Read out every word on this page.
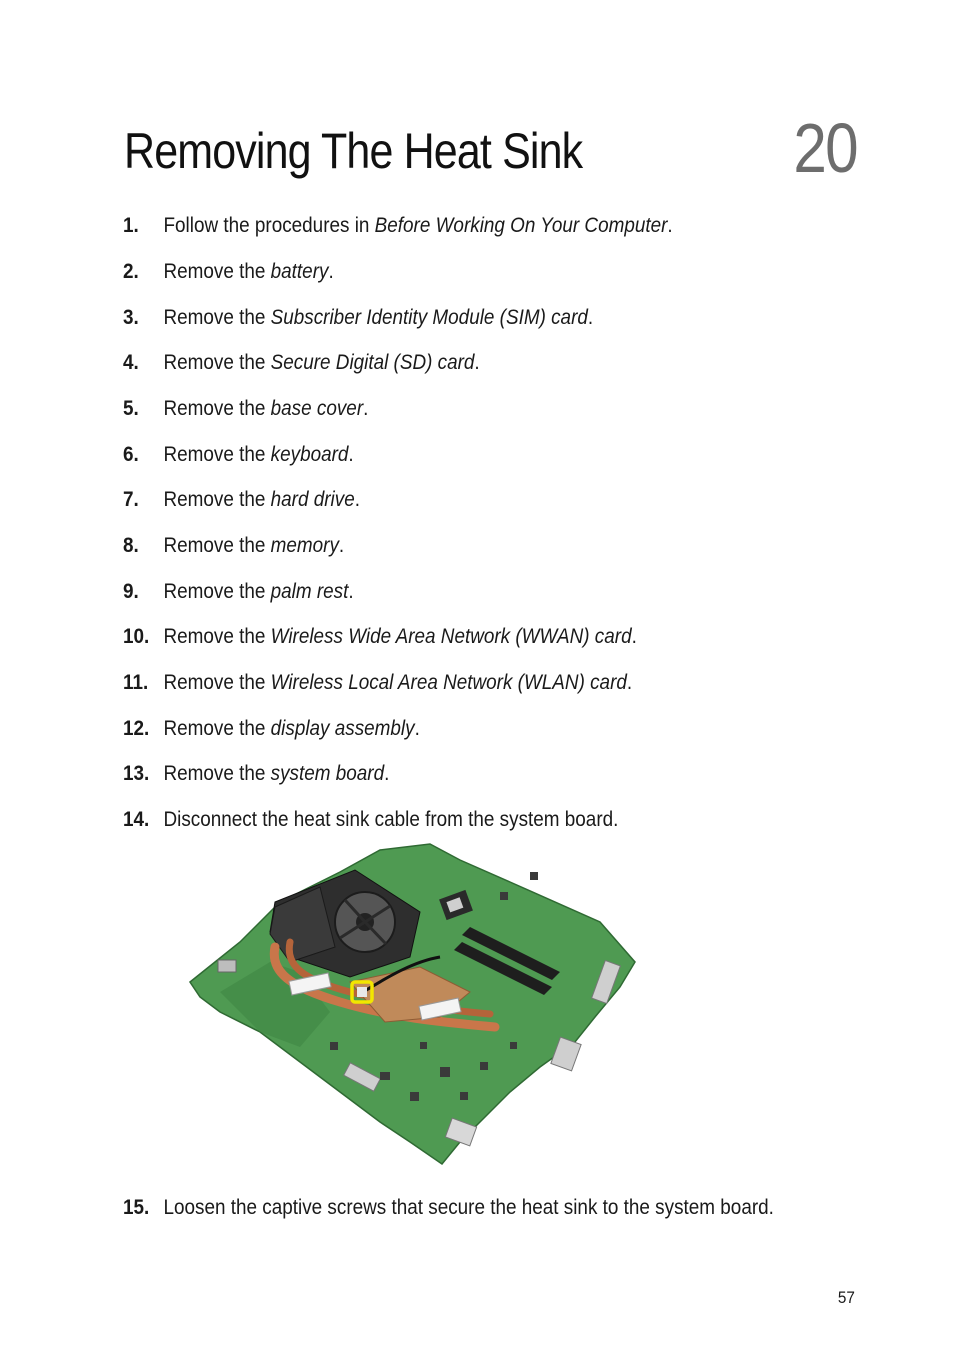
Removing The Heat Sink	20
1. Follow the procedures in Before Working On Your Computer.
2. Remove the battery.
3. Remove the Subscriber Identity Module (SIM) card.
4. Remove the Secure Digital (SD) card.
5. Remove the base cover.
6. Remove the keyboard.
7. Remove the hard drive.
8. Remove the memory.
9. Remove the palm rest.
10. Remove the Wireless Wide Area Network (WWAN) card.
11. Remove the Wireless Local Area Network (WLAN) card.
12. Remove the display assembly.
13. Remove the system board.
14. Disconnect the heat sink cable from the system board.
15. Loosen the captive screws that secure the heat sink to the system board.
57
